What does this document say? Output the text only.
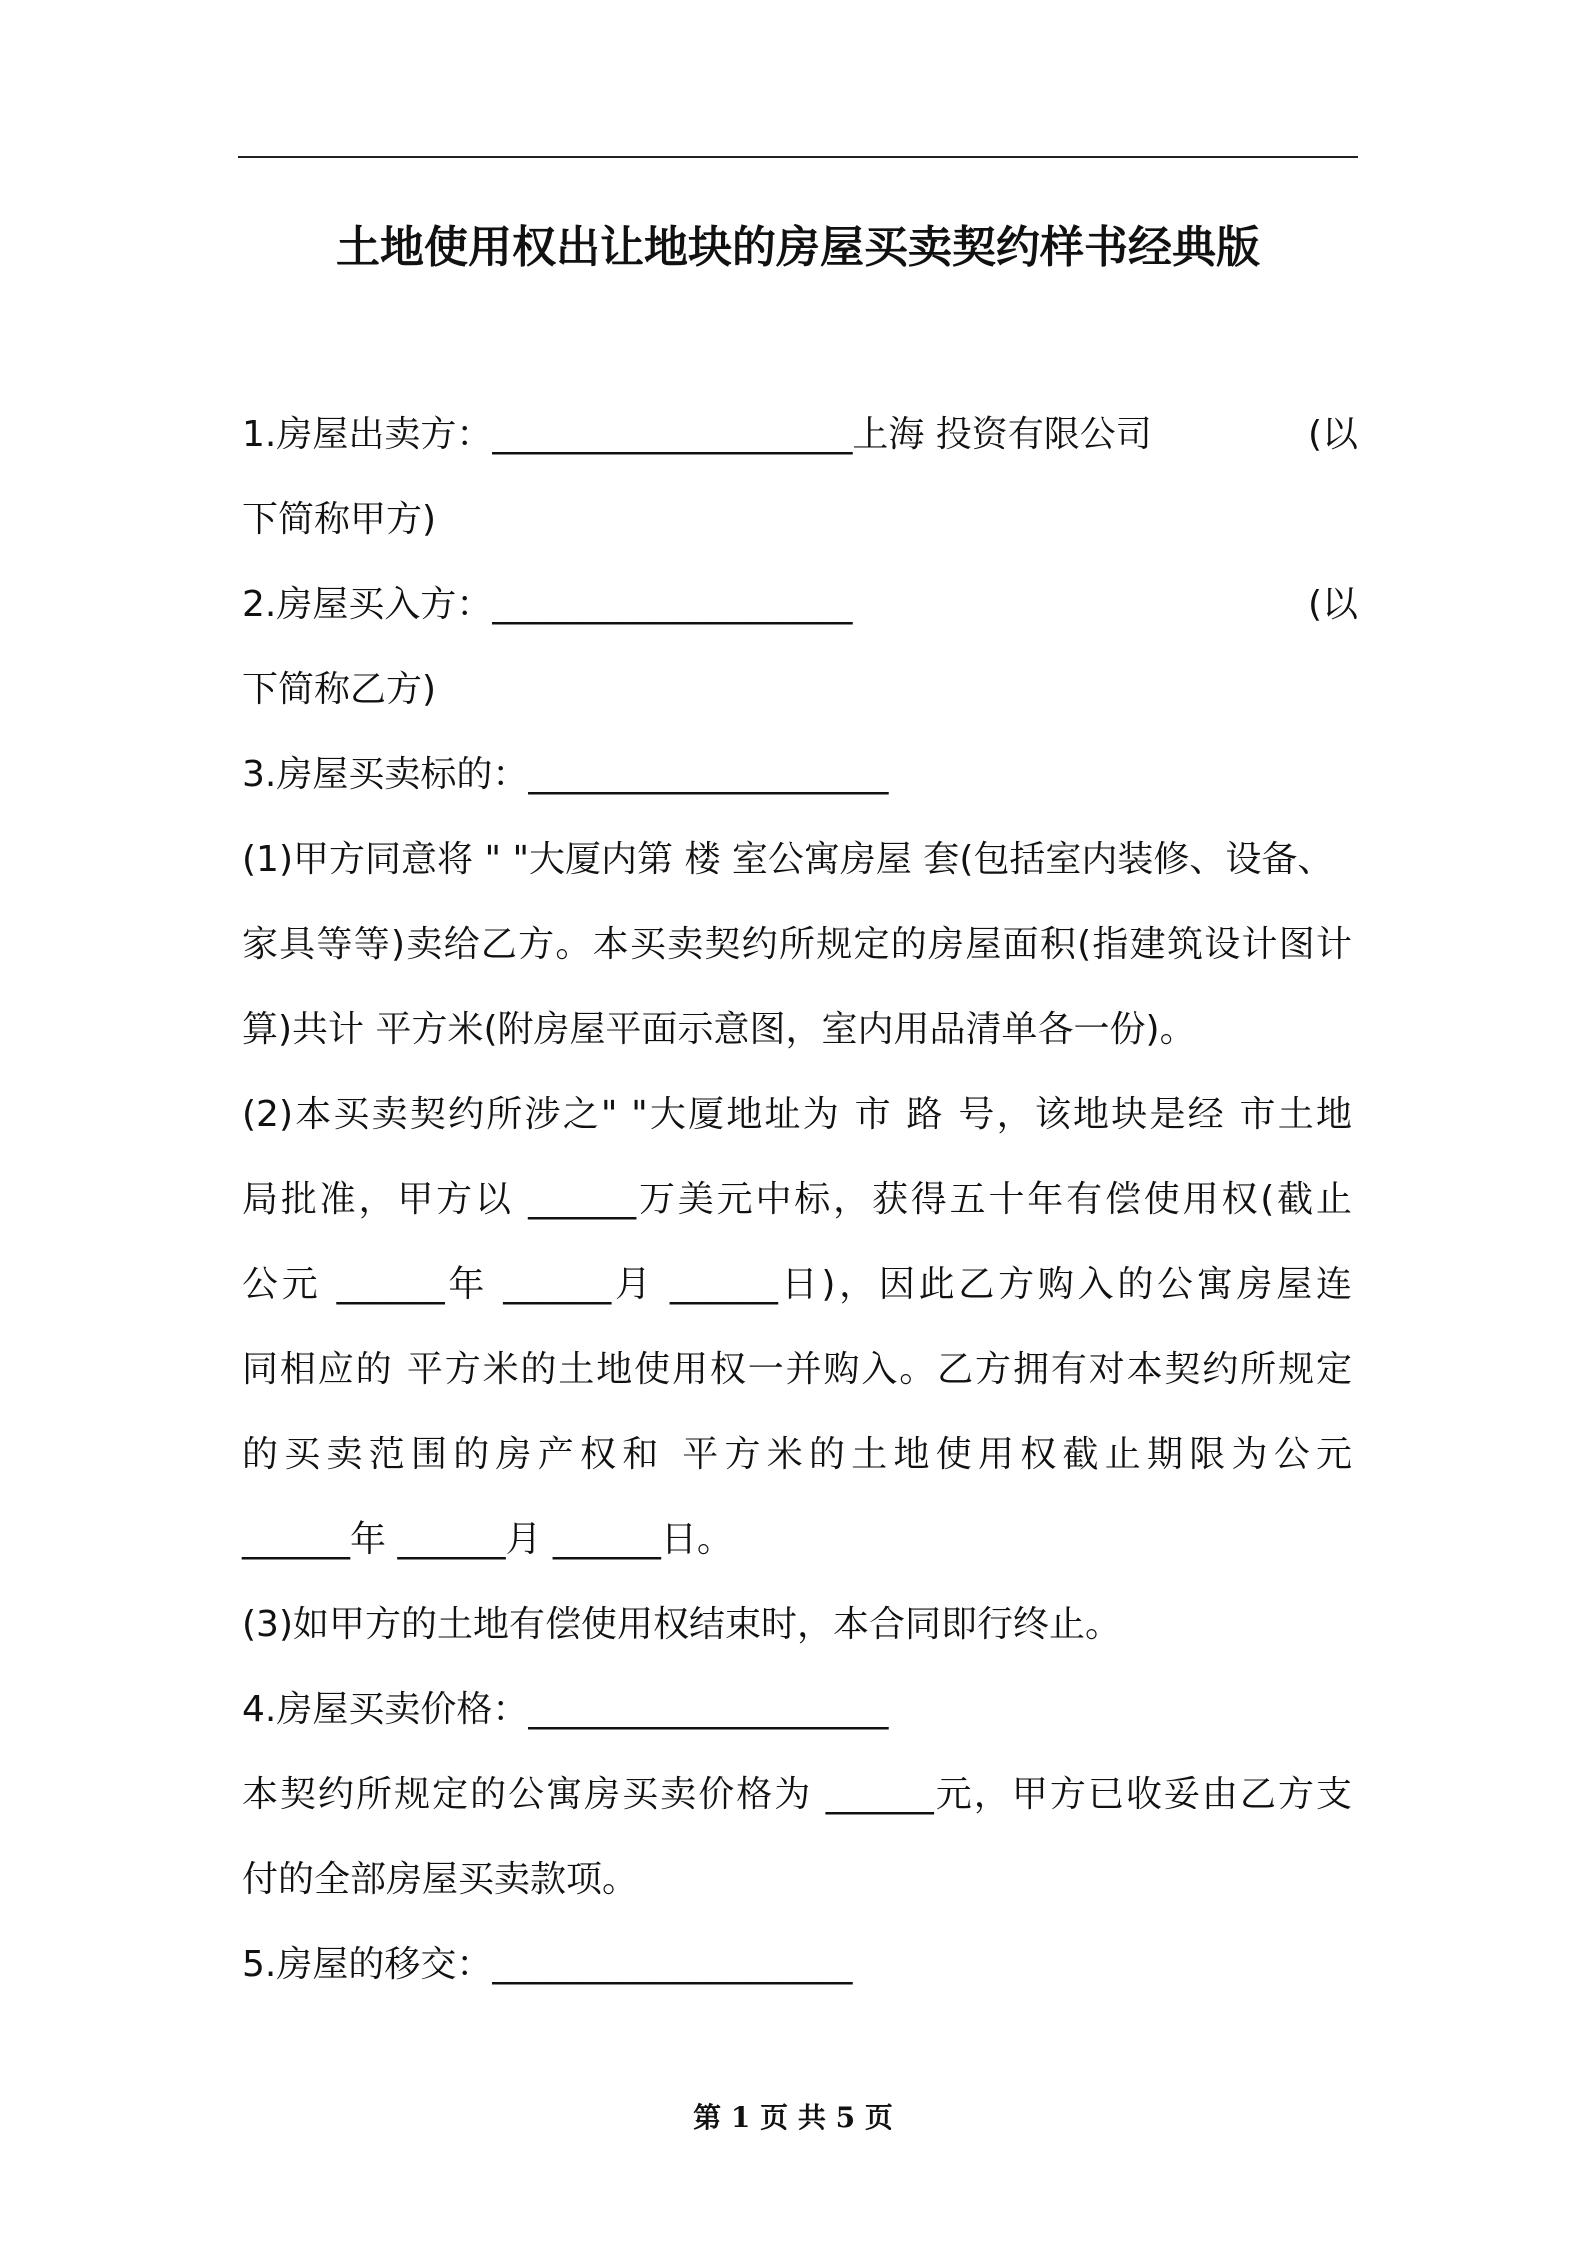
土地使用权出让地块的房屋买卖契约样书经典版
1.房屋出卖方：____________________上海 投资有限公司	(以
下简称甲方)
2.房屋买入方：____________________	(以
下简称乙方)
3.房屋买卖标的：____________________
(1)甲方同意将 " "大厦内第 楼 室公寓房屋 套(包括室内装修、设备、
家具等等)卖给乙方。本买卖契约所规定的房屋面积(指建筑设计图计
算)共计 平方米(附房屋平面示意图，室内用品清单各一份)。
(2)本买卖契约所涉之" "大厦地址为 市 路 号，该地块是经 市土地
局批准，甲方以 ______万美元中标，获得五十年有偿使用权(截止
公元 ______年 ______月 ______日)，因此乙方购入的公寓房屋连
同相应的 平方米的土地使用权一并购入。乙方拥有对本契约所规定
的买卖范围的房产权和 平方米的土地使用权截止期限为公元
______年 ______月 ______日。
(3)如甲方的土地有偿使用权结束时，本合同即行终止。
4.房屋买卖价格：____________________
本契约所规定的公寓房买卖价格为 ______元，甲方已收妥由乙方支
付的全部房屋买卖款项。
5.房屋的移交：____________________
第 1 页 共 5 页
